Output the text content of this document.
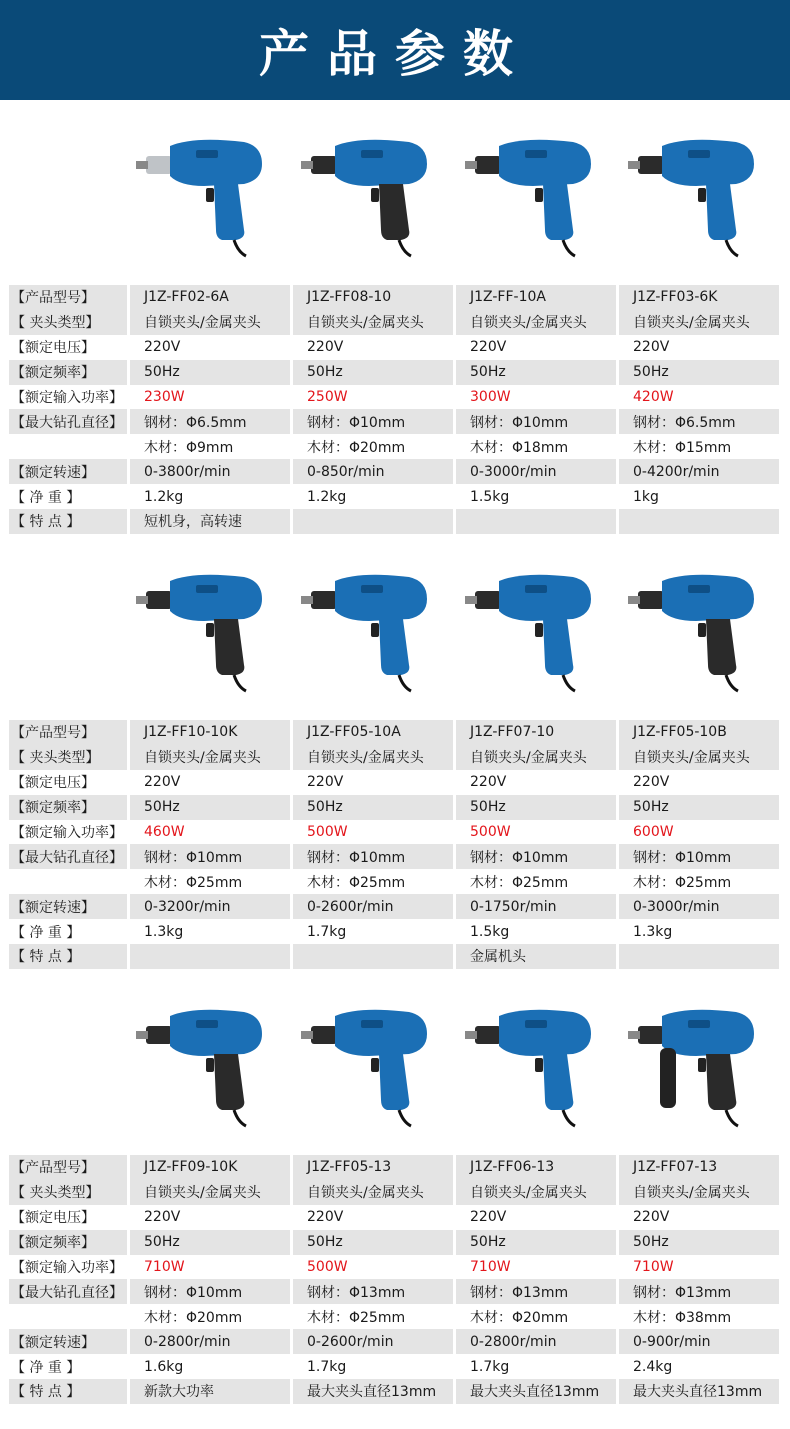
产品参数
【产品型号】	J1Z-FF02-6A	J1Z-FF08-10	J1Z-FF-10A	J1Z-FF03-6K
【 夹头类型】	自锁夹头/金属夹头	自锁夹头/金属夹头	自锁夹头/金属夹头	自锁夹头/金属夹头
【额定电压】	220V	220V	220V	220V
【额定频率】	50Hz	50Hz	50Hz	50Hz
【额定输入功率】	230W	250W	300W	420W
【最大钻孔直径】	钢材：Φ6.5mm	钢材：Φ10mm	钢材：Φ10mm	钢材：Φ6.5mm
	木材：Φ9mm	木材：Φ20mm	木材：Φ18mm	木材：Φ15mm
【额定转速】	0-3800r/min	0-850r/min	0-3000r/min	0-4200r/min
【 净 重 】	1.2kg	1.2kg	1.5kg	1kg
【 特 点 】	短机身，高转速			
【产品型号】	J1Z-FF10-10K	J1Z-FF05-10A	J1Z-FF07-10	J1Z-FF05-10B
【 夹头类型】	自锁夹头/金属夹头	自锁夹头/金属夹头	自锁夹头/金属夹头	自锁夹头/金属夹头
【额定电压】	220V	220V	220V	220V
【额定频率】	50Hz	50Hz	50Hz	50Hz
【额定输入功率】	460W	500W	500W	600W
【最大钻孔直径】	钢材：Φ10mm	钢材：Φ10mm	钢材：Φ10mm	钢材：Φ10mm
	木材：Φ25mm	木材：Φ25mm	木材：Φ25mm	木材：Φ25mm
【额定转速】	0-3200r/min	0-2600r/min	0-1750r/min	0-3000r/min
【 净 重 】	1.3kg	1.7kg	1.5kg	1.3kg
【 特 点 】			金属机头	
【产品型号】	J1Z-FF09-10K	J1Z-FF05-13	J1Z-FF06-13	J1Z-FF07-13
【 夹头类型】	自锁夹头/金属夹头	自锁夹头/金属夹头	自锁夹头/金属夹头	自锁夹头/金属夹头
【额定电压】	220V	220V	220V	220V
【额定频率】	50Hz	50Hz	50Hz	50Hz
【额定输入功率】	710W	500W	710W	710W
【最大钻孔直径】	钢材：Φ10mm	钢材：Φ13mm	钢材：Φ13mm	钢材：Φ13mm
	木材：Φ20mm	木材：Φ25mm	木材：Φ20mm	木材：Φ38mm
【额定转速】	0-2800r/min	0-2600r/min	0-2800r/min	0-900r/min
【 净 重 】	1.6kg	1.7kg	1.7kg	2.4kg
【 特 点 】	新款大功率	最大夹头直径13mm	最大夹头直径13mm	最大夹头直径13mm
